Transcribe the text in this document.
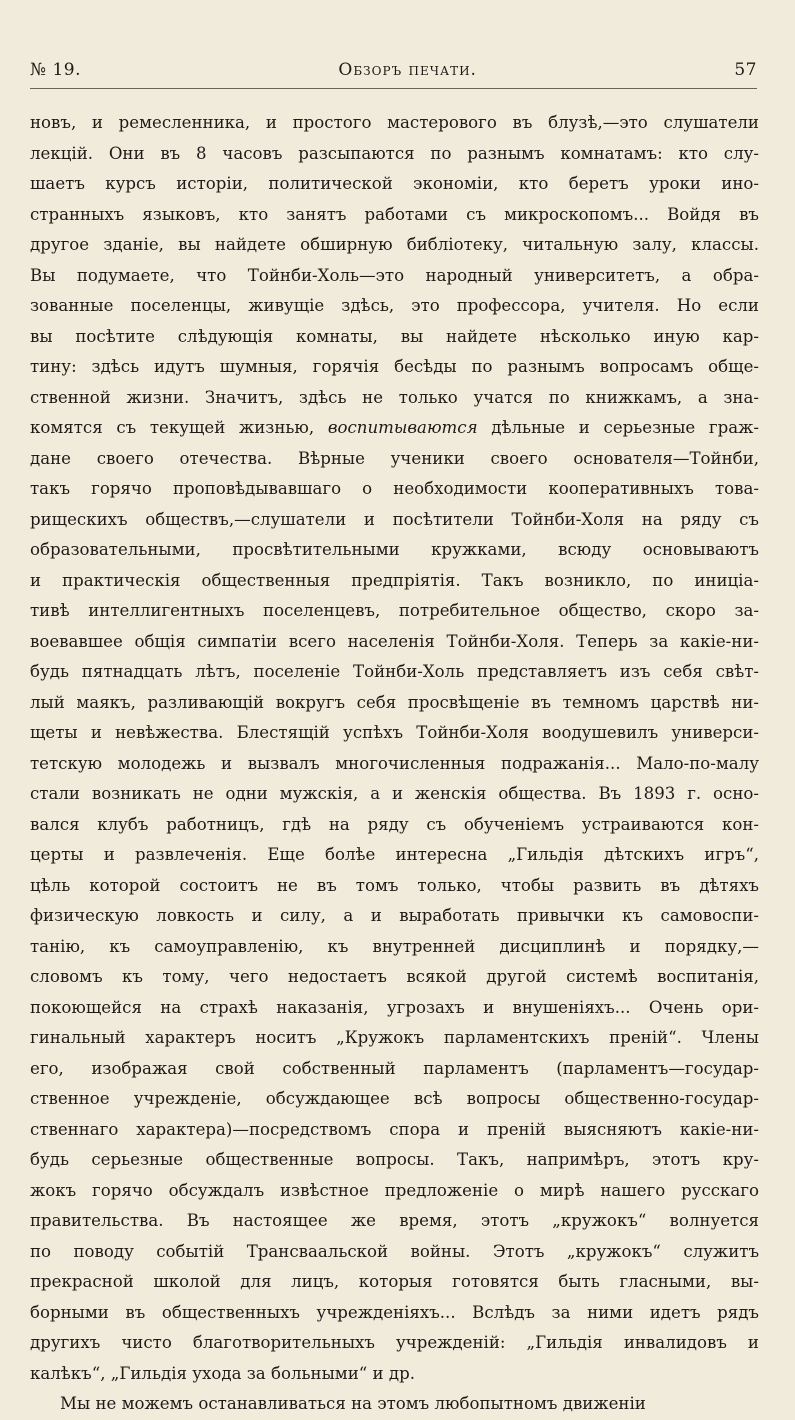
№ 19.	Обзоръ печати.	57
новъ, и ремесленника, и простого мастерового въ блузѣ,—это слушатели
лекцій. Они въ 8 часовъ разсыпаются по разнымъ комнатамъ: кто слу-
шаетъ курсъ исторіи, политической экономіи, кто беретъ уроки ино-
странныхъ языковъ, кто занятъ работами съ микроскопомъ... Войдя въ
другое зданіе, вы найдете обширную библіотеку, читальную залу, классы.
Вы подумаете, что Тойнби-Холь—это народный университетъ, а обра-
зованные поселенцы, живущіе здѣсь, это профессора, учителя. Но если
вы посѣтите слѣдующія комнаты, вы найдете нѣсколько иную кар-
тину: здѣсь идутъ шумныя, горячія бесѣды по разнымъ вопросамъ обще-
ственной жизни. Значитъ, здѣсь не только учатся по книжкамъ, а зна-
комятся съ текущей жизнью, воспитываются дѣльные и серьезные граж-
дане своего отечества. Вѣрные ученики своего основателя—Тойнби,
такъ горячо проповѣдывавшаго о необходимости кооперативныхъ това-
рищескихъ обществъ,—слушатели и посѣтители Тойнби-Холя на ряду съ
образовательными, просвѣтительными кружками, всюду основываютъ
и практическія общественныя предпріятія. Такъ возникло, по иниціа-
тивѣ интеллигентныхъ поселенцевъ, потребительное общество, скоро за-
воевавшее общія симпатіи всего населенія Тойнби-Холя. Теперь за какіе-ни-
будь пятнадцать лѣтъ, поселеніе Тойнби-Холь представляетъ изъ себя свѣт-
лый маякъ, разливающій вокругъ себя просвѣщеніе въ темномъ царствѣ ни-
щеты и невѣжества. Блестящій успѣхъ Тойнби-Холя воодушевилъ универси-
тетскую молодежь и вызвалъ многочисленныя подражанія... Мало-по-малу
стали возникать не одни мужскія, а и женскія общества. Въ 1893 г. осно-
вался клубъ работницъ, гдѣ на ряду съ обученіемъ устраиваются кон-
церты и развлеченія. Еще болѣе интересна „Гильдія дѣтскихъ игръ“,
цѣль которой состоитъ не въ томъ только, чтобы развить въ дѣтяхъ
физическую ловкость и силу, а и выработать привычки къ самовоспи-
танію, къ самоуправленію, къ внутренней дисциплинѣ и порядку,—
словомъ къ тому, чего недостаетъ всякой другой системѣ воспитанія,
покоющейся на страхѣ наказанія, угрозахъ и внушеніяхъ... Очень ори-
гинальный характеръ носитъ „Кружокъ парламентскихъ преній“. Члены
его, изображая свой собственный парламентъ (парламентъ—государ-
ственное учрежденіе, обсуждающее всѣ вопросы общественно-государ-
ственнаго характера)—посредствомъ спора и преній выясняютъ какіе-ни-
будь серьезные общественные вопросы. Такъ, напримѣръ, этотъ кру-
жокъ горячо обсуждалъ извѣстное предложеніе о мирѣ нашего русскаго
правительства. Въ настоящее же время, этотъ „кружокъ“ волнуется
по поводу событій Трансваальской войны. Этотъ „кружокъ“ служитъ
прекрасной школой для лицъ, которыя готовятся быть гласными, вы-
борными въ общественныхъ учрежденіяхъ... Вслѣдъ за ними идетъ рядъ
другихъ чисто благотворительныхъ учрежденій: „Гильдія инвалидовъ и
калѣкъ“, „Гильдія ухода за больными“ и др.
Мы не можемъ останавливаться на этомъ любопытномъ движеніи
